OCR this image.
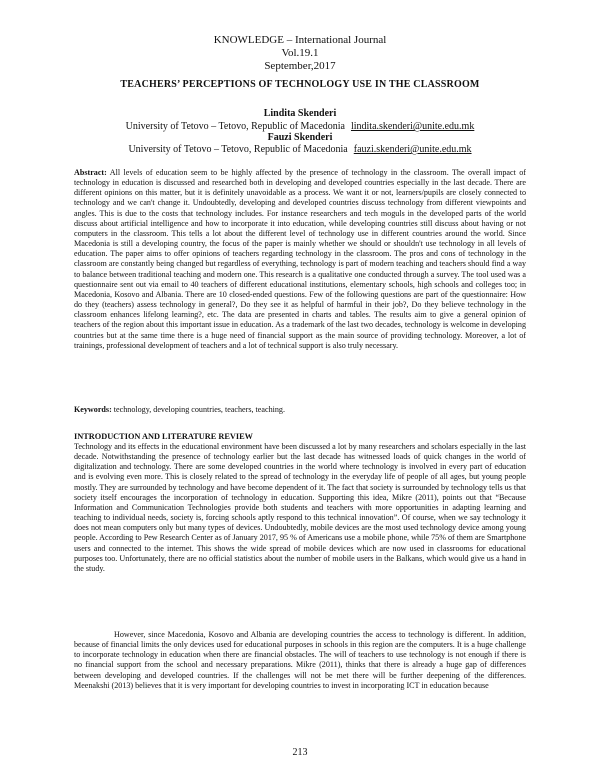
KNOWLEDGE – International Journal
Vol.19.1
September,2017
TEACHERS’ PERCEPTIONS OF TECHNOLOGY USE IN THE CLASSROOM
Lindita Skenderi
University of Tetovo – Tetovo, Republic of Macedonia lindita.skenderi@unite.edu.mk
Fauzi Skenderi
University of Tetovo – Tetovo, Republic of Macedonia fauzi.skenderi@unite.edu.mk
Abstract: All levels of education seem to be highly affected by the presence of technology in the classroom. The overall impact of technology in education is discussed and researched both in developing and developed countries especially in the last decade. There are different opinions on this matter, but it is definitely unavoidable as a process. We want it or not, learners/pupils are closely connected to technology and we can't change it. Undoubtedly, developing and developed countries discuss technology from different viewpoints and angles. This is due to the costs that technology includes. For instance researchers and tech moguls in the developed parts of the world discuss about artificial intelligence and how to incorporate it into education, while developing countries still discuss about having or not computers in the classroom. This tells a lot about the different level of technology use in different countries around the world. Since Macedonia is still a developing country, the focus of the paper is mainly whether we should or shouldn't use technology in all levels of education. The paper aims to offer opinions of teachers regarding technology in the classroom. The pros and cons of technology in the classroom are constantly being changed but regardless of everything, technology is part of modern teaching and teachers should find a way to balance between traditional teaching and modern one. This research is a qualitative one conducted through a survey. The tool used was a questionnaire sent out via email to 40 teachers of different educational institutions, elementary schools, high schools and colleges too; in Macedonia, Kosovo and Albania. There are 10 closed-ended questions. Few of the following questions are part of the questionnaire: How do they (teachers) assess technology in general?, Do they see it as helpful of harmful in their job?, Do they believe technology in the classroom enhances lifelong learning?, etc. The data are presented in charts and tables. The results aim to give a general opinion of teachers of the region about this important issue in education. As a trademark of the last two decades, technology is welcome in developing countries but at the same time there is a huge need of financial support as the main source of providing technology. Moreover, a lot of trainings, professional development of teachers and a lot of technical support is also truly necessary.
Keywords: technology, developing countries, teachers, teaching.
INTRODUCTION AND LITERATURE REVIEW
Technology and its effects in the educational environment have been discussed a lot by many researchers and scholars especially in the last decade. Notwithstanding the presence of technology earlier but the last decade has witnessed loads of quick changes in the world of digitalization and technology. There are some developed countries in the world where technology is involved in every part of education and is evolving even more. This is closely related to the spread of technology in the everyday life of people of all ages, but young people mostly. They are surrounded by technology and have become dependent of it. The fact that society is surrounded by technology tells us that society itself encourages the incorporation of technology in education. Supporting this idea, Mikre (2011), points out that “Because Information and Communication Technologies provide both students and teachers with more opportunities in adapting learning and teaching to individual needs, society is, forcing schools aptly respond to this technical innovation”. Of course, when we say technology it does not mean computers only but many types of devices. Undoubtedly, mobile devices are the most used technology device among young people. According to Pew Research Center as of January 2017, 95 % of Americans use a mobile phone, while 75% of them are Smartphone users and connected to the internet. This shows the wide spread of mobile devices which are now used in classrooms for educational purposes too. Unfortunately, there are no official statistics about the number of mobile users in the Balkans, which would give us a hand in the study.
However, since Macedonia, Kosovo and Albania are developing countries the access to technology is different. In addition, because of financial limits the only devices used for educational purposes in schools in this region are the computers. It is a huge challenge to incorporate technology in education when there are financial obstacles. The will of teachers to use technology is not enough if there is no financial support from the school and necessary preparations. Mikre (2011), thinks that there is already a huge gap of differences between developing and developed countries. If the challenges will not be met there will be further deepening of the differences. Meenakshi (2013) believes that it is very important for developing countries to invest in incorporating ICT in education because
213
